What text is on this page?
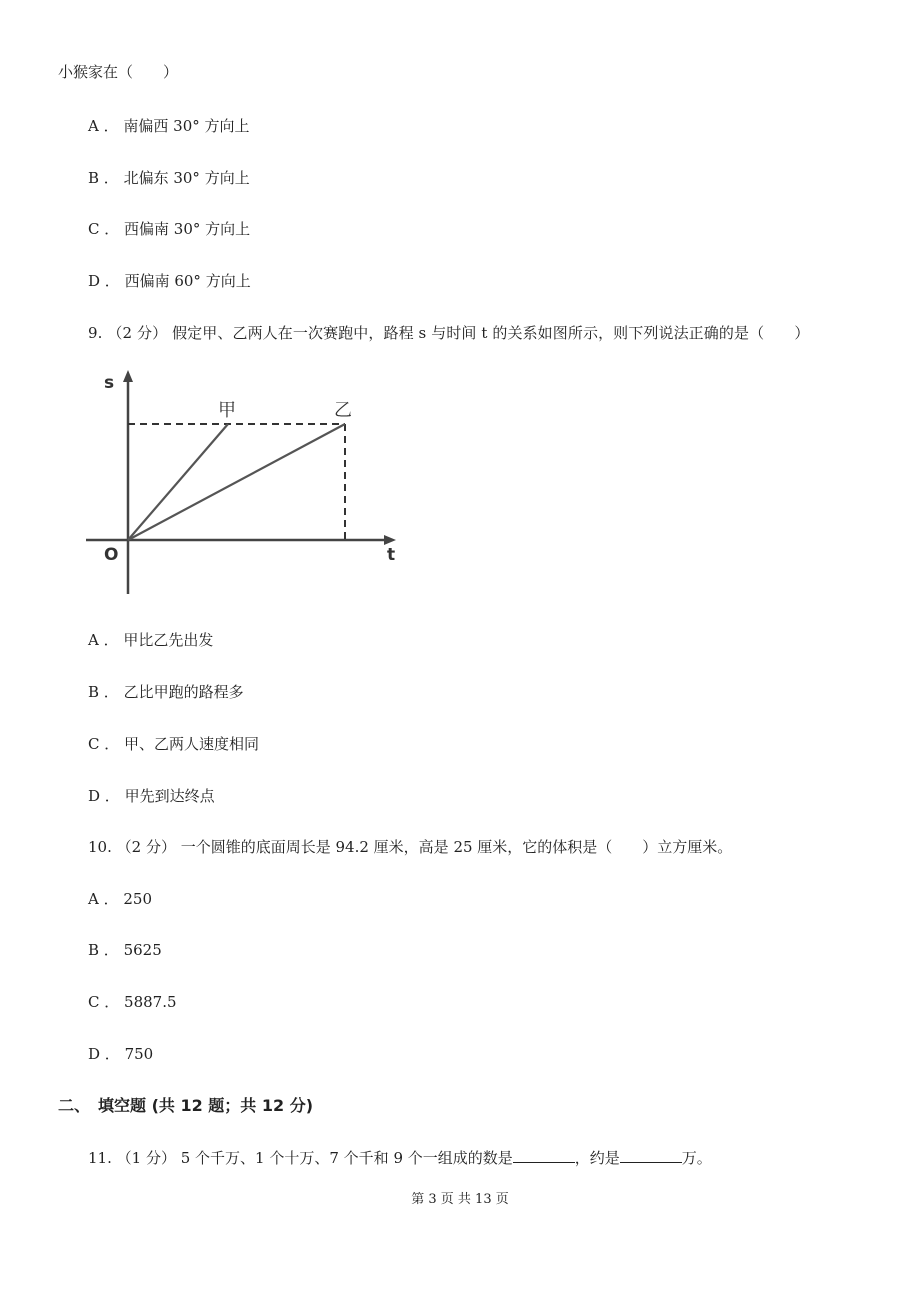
小猴家在（　　）
A ． 南偏西 30° 方向上
B ． 北偏东 30° 方向上
C ． 西偏南 30° 方向上
D ． 西偏南 60° 方向上
9. （2 分） 假定甲、乙两人在一次赛跑中，路程 s 与时间 t 的关系如图所示，则下列说法正确的是（　　）
s
t
O
甲	乙
A ． 甲比乙先出发
B ． 乙比甲跑的路程多
C ． 甲、乙两人速度相同
D ． 甲先到达终点
10. （2 分） 一个圆锥的底面周长是 94.2 厘米，高是 25 厘米，它的体积是（　　）立方厘米。
A ． 250
B ． 5625
C ． 5887.5
D ． 750
二、　填空题 (共 12 题；共 12 分)
11. （1 分） 5 个千万、1 个十万、7 个千和 9 个一组成的数是	，约是	万。
第 3 页 共 13 页
